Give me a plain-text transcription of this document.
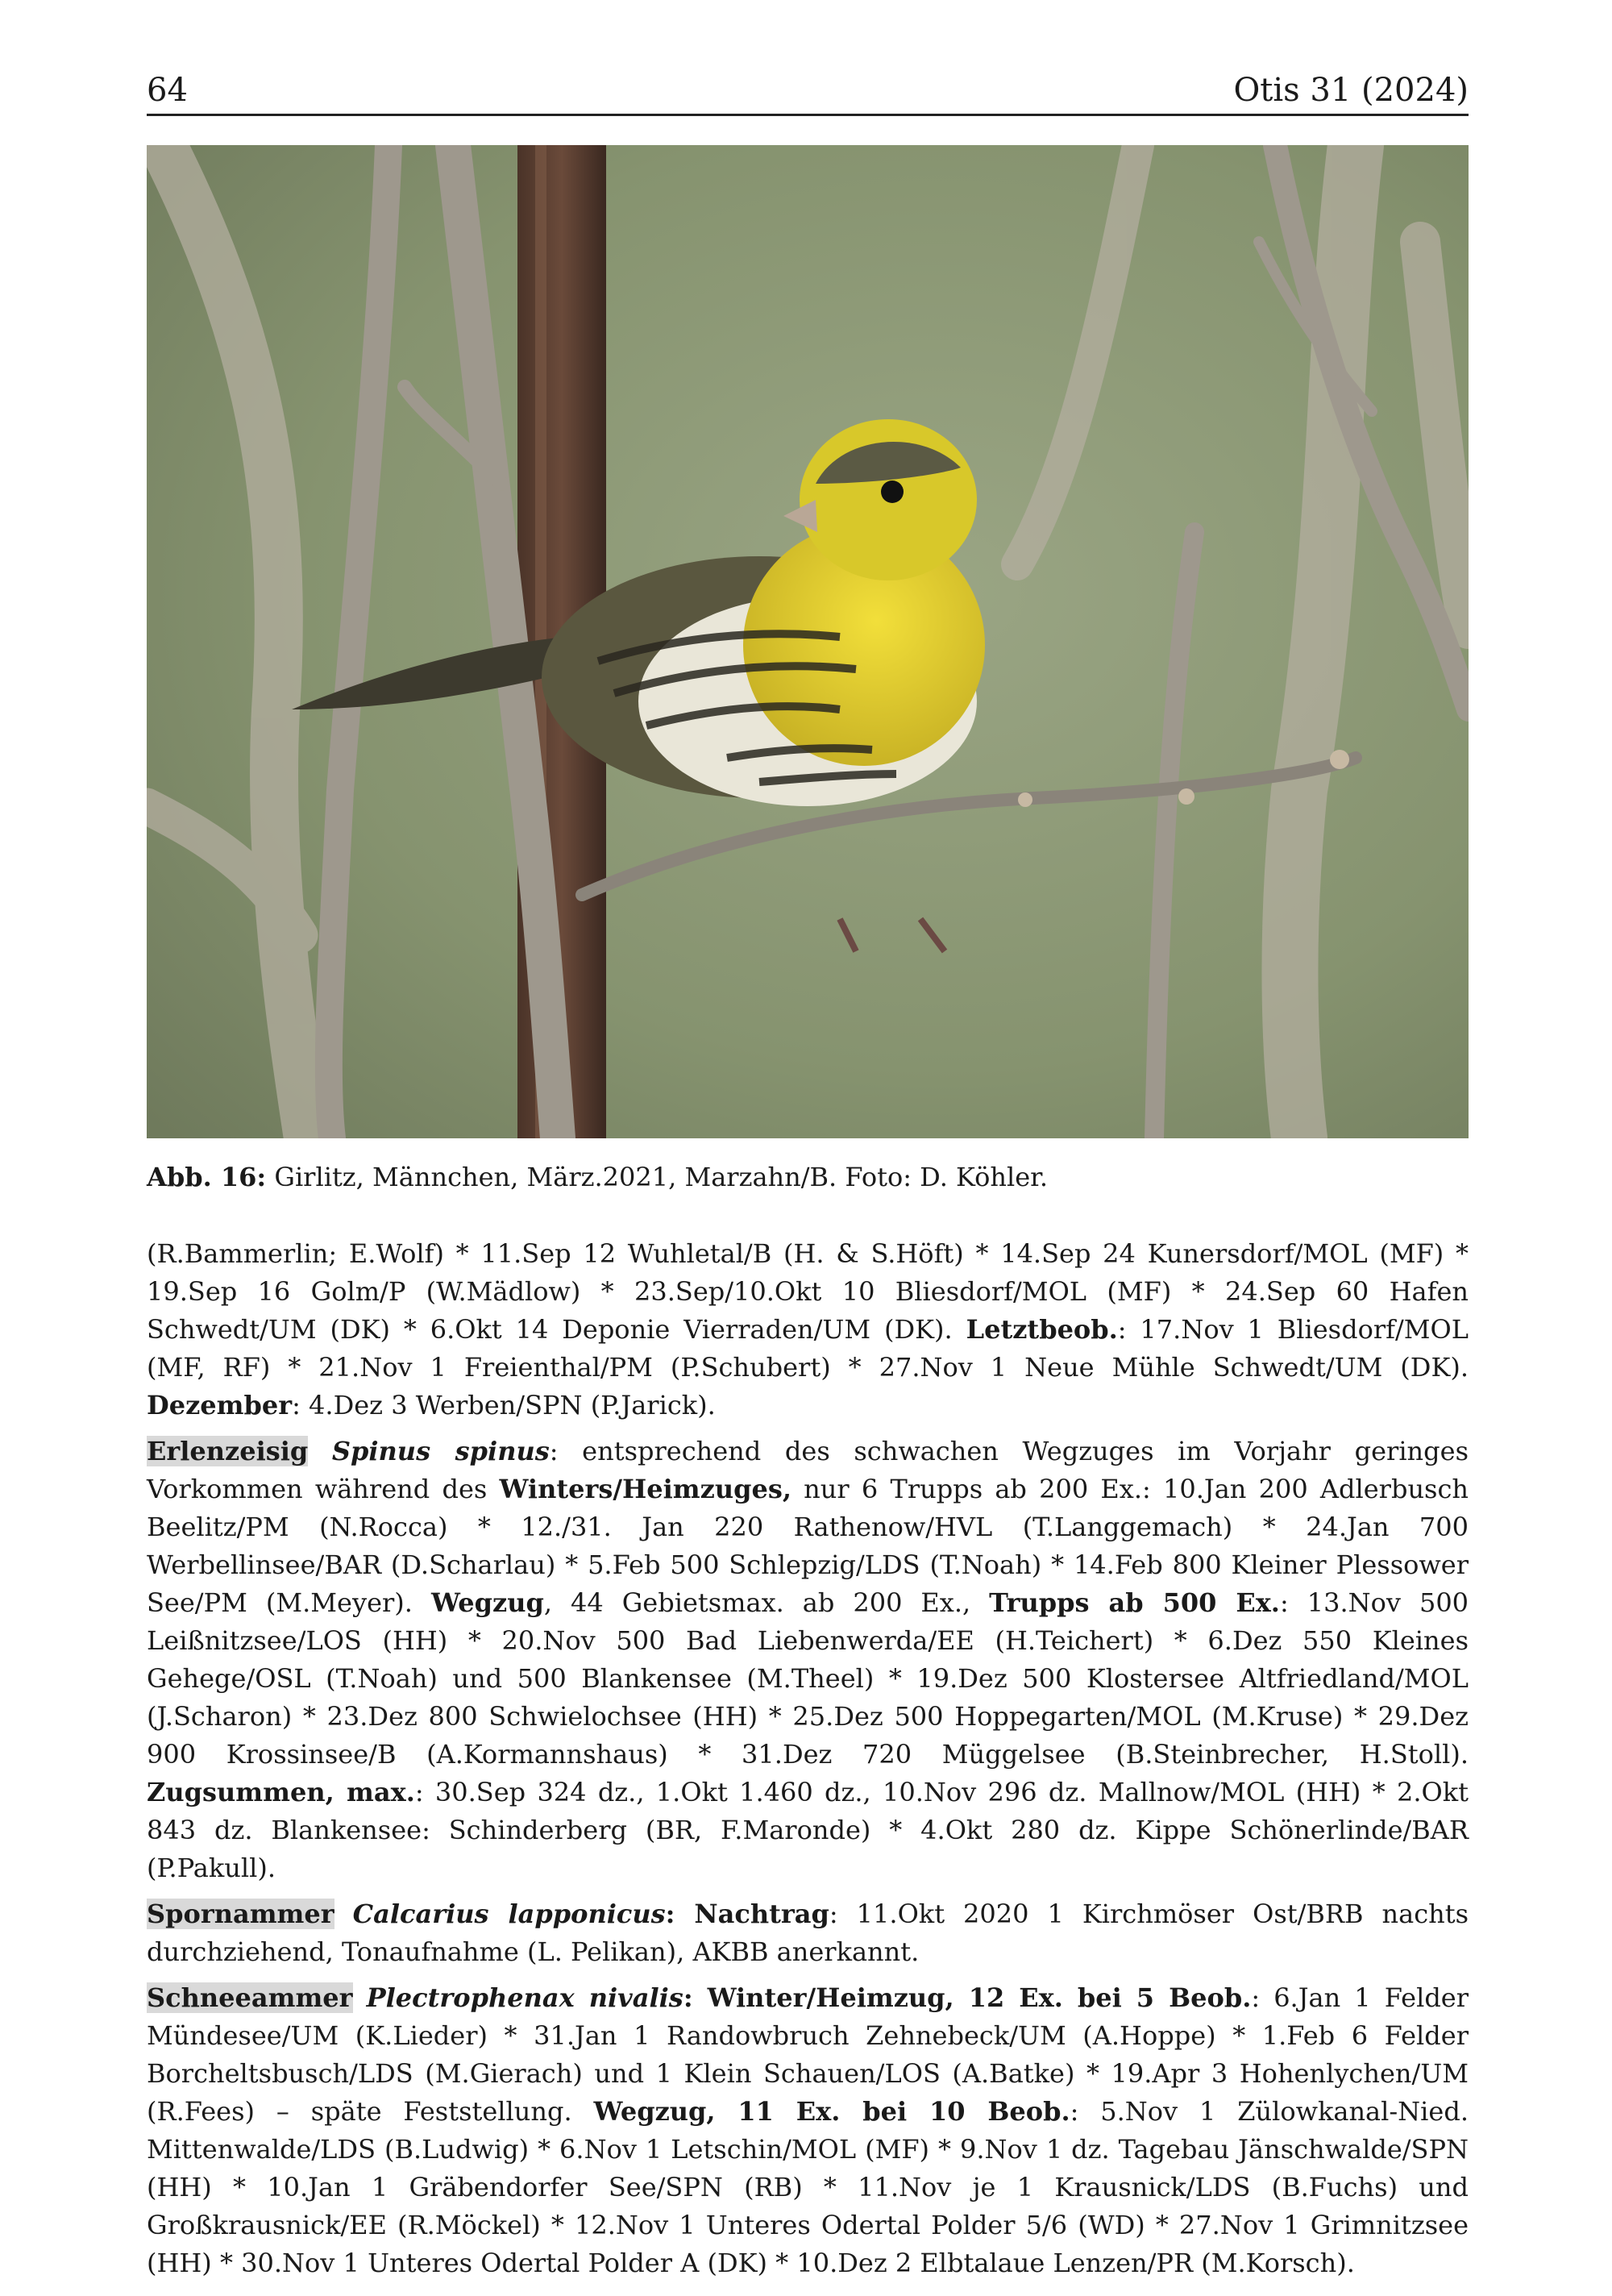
64	Otis 31 (2024)
Abb. 16: Girlitz, Männchen, März.2021, Marzahn/B. Foto: D. Köhler.

(R.Bammerlin; E.Wolf) * 11.Sep 12 Wuhletal/B (H. & S.Höft) * 14.Sep 24 Kunersdorf/MOL (MF) * 19.Sep 16 Golm/P (W.Mädlow) * 23.Sep/10.Okt 10 Bliesdorf/MOL (MF) * 24.Sep 60 Hafen Schwedt/UM (DK) * 6.Okt 14 Deponie Vierraden/UM (DK). Letztbeob.: 17.Nov 1 Bliesdorf/MOL (MF, RF) * 21.Nov 1 Freienthal/PM (P.Schubert) * 27.Nov 1 Neue Mühle Schwedt/UM (DK). Dezember: 4.Dez 3 Werben/SPN (P.Jarick).

Erlenzeisig Spinus spinus: entsprechend des schwachen Wegzuges im Vorjahr geringes Vorkommen während des Winters/Heimzuges, nur 6 Trupps ab 200 Ex.: 10.Jan 200 Adlerbusch Beelitz/PM (N.Rocca) * 12./31. Jan 220 Rathenow/HVL (T.Langgemach) * 24.Jan 700 Werbellinsee/BAR (D.Scharlau) * 5.Feb 500 Schlepzig/LDS (T.Noah) * 14.Feb 800 Kleiner Plessower See/PM (M.Meyer). Wegzug, 44 Gebietsmax. ab 200 Ex., Trupps ab 500 Ex.: 13.Nov 500 Leißnitzsee/LOS (HH) * 20.Nov 500 Bad Liebenwerda/EE (H.Teichert) * 6.Dez 550 Kleines Gehege/OSL (T.Noah) und 500 Blankensee (M.Theel) * 19.Dez 500 Klostersee Altfriedland/MOL (J.Scharon) * 23.Dez 800 Schwielochsee (HH) * 25.Dez 500 Hoppegarten/MOL (M.Kruse) * 29.Dez 900 Krossinsee/B (A.Kormannshaus) * 31.Dez 720 Müggelsee (B.Steinbrecher, H.Stoll). Zugsummen, max.: 30.Sep 324 dz., 1.Okt 1.460 dz., 10.Nov 296 dz. Mallnow/MOL (HH) * 2.Okt 843 dz. Blankensee: Schinderberg (BR, F.Maronde) * 4.Okt 280 dz. Kippe Schönerlinde/BAR (P.Pakull).

Spornammer Calcarius lapponicus: Nachtrag: 11.Okt 2020 1 Kirchmöser Ost/BRB nachts durchziehend, Tonaufnahme (L. Pelikan), AKBB anerkannt.

Schneeammer Plectrophenax nivalis: Winter/Heimzug, 12 Ex. bei 5 Beob.: 6.Jan 1 Felder Mündesee/UM (K.Lieder) * 31.Jan 1 Randowbruch Zehnebeck/UM (A.Hoppe) * 1.Feb 6 Felder Borcheltsbusch/LDS (M.Gierach) und 1 Klein Schauen/LOS (A.Batke) * 19.Apr 3 Hohenlychen/UM (R.Fees) – späte Feststellung. Wegzug, 11 Ex. bei 10 Beob.: 5.Nov 1 Zülowkanal-Nied. Mittenwalde/LDS (B.Ludwig) * 6.Nov 1 Letschin/MOL (MF) * 9.Nov 1 dz. Tagebau Jänschwalde/SPN (HH) * 10.Jan 1 Gräbendorfer See/SPN (RB) * 11.Nov je 1 Krausnick/LDS (B.Fuchs) und Großkrausnick/EE (R.Möckel) * 12.Nov 1 Unteres Odertal Polder 5/6 (WD) * 27.Nov 1 Grimnitzsee (HH) * 30.Nov 1 Unteres Odertal Polder A (DK) * 10.Dez 2 Elbtalaue Lenzen/PR (M.Korsch).
